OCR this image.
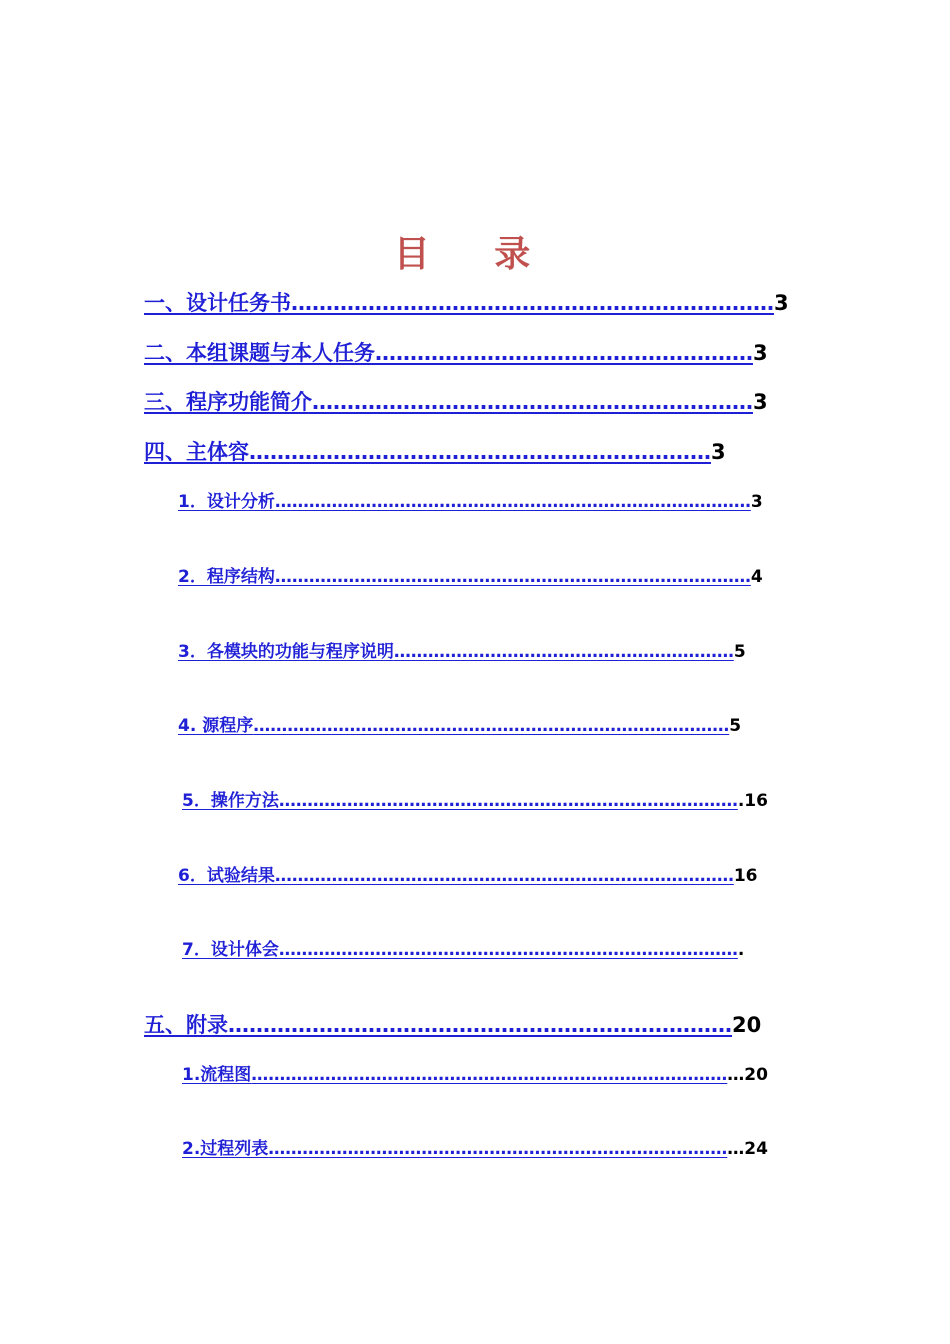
目 录
一、设计任务书……………………………………………………………3
二、本组课题与本人任务………………………………………………3
三、程序功能简介………………………………………………………3
四、主体容…………………………………………………………3
1．设计分析…………………………………………………………………………3
2．程序结构…………………………………………………………………………4
3．各模块的功能与程序说明……………………………………………………5
4. 源程序…………………………………………………………………………5
5．操作方法……………………………………………………………………….16
6．试验结果………………………………………………………………………16
7．设计体会……………………………………………………………………….
五、附录………………………………………………………………20
1.流程图……………………………………………………………………………20
2.过程列表…………………………………………………………………………24
